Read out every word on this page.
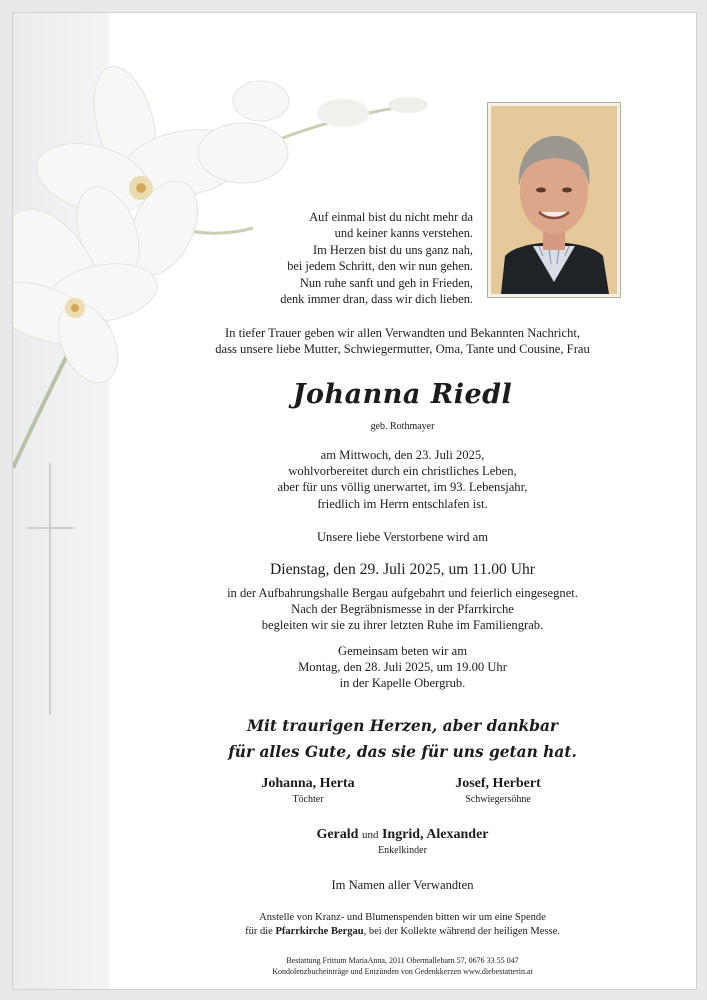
Auf einmal bist du nicht mehr da
und keiner kanns verstehen.
Im Herzen bist du uns ganz nah,
bei jedem Schritt, den wir nun gehen.
Nun ruhe sanft und geh in Frieden,
denk immer dran, dass wir dich lieben.
In tiefer Trauer geben wir allen Verwandten und Bekannten Nachricht,
dass unsere liebe Mutter, Schwiegermutter, Oma, Tante und Cousine, Frau
Johanna Riedl
geb. Rothmayer
am Mittwoch, den 23. Juli 2025,
wohlvorbereitet durch ein christliches Leben,
aber für uns völlig unerwartet, im 93. Lebensjahr,
friedlich im Herrn entschlafen ist.
Unsere liebe Verstorbene wird am
Dienstag, den 29. Juli 2025, um 11.00 Uhr
in der Aufbahrungshalle Bergau aufgebahrt und feierlich eingesegnet.
Nach der Begräbnismesse in der Pfarrkirche
begleiten wir sie zu ihrer letzten Ruhe im Familiengrab.
Gemeinsam beten wir am
Montag, den 28. Juli 2025, um 19.00 Uhr
in der Kapelle Obergrub.
Mit traurigen Herzen, aber dankbar
für alles Gute, das sie für uns getan hat.
Johanna, Herta
Töchter
Josef, Herbert
Schwiegersöhne
Gerald und Ingrid, Alexander
Enkelkinder
Im Namen aller Verwandten
Anstelle von Kranz- und Blumenspenden bitten wir um eine Spende
für die Pfarrkirche Bergau, bei der Kollekte während der heiligen Messe.
Bestattung Frittum MariaAnna, 2011 Obermallebarn 57, 0676 33 55 047
Kondolenzbucheinträge und Entzünden von Gedenkkerzen www.diebestatterin.at
